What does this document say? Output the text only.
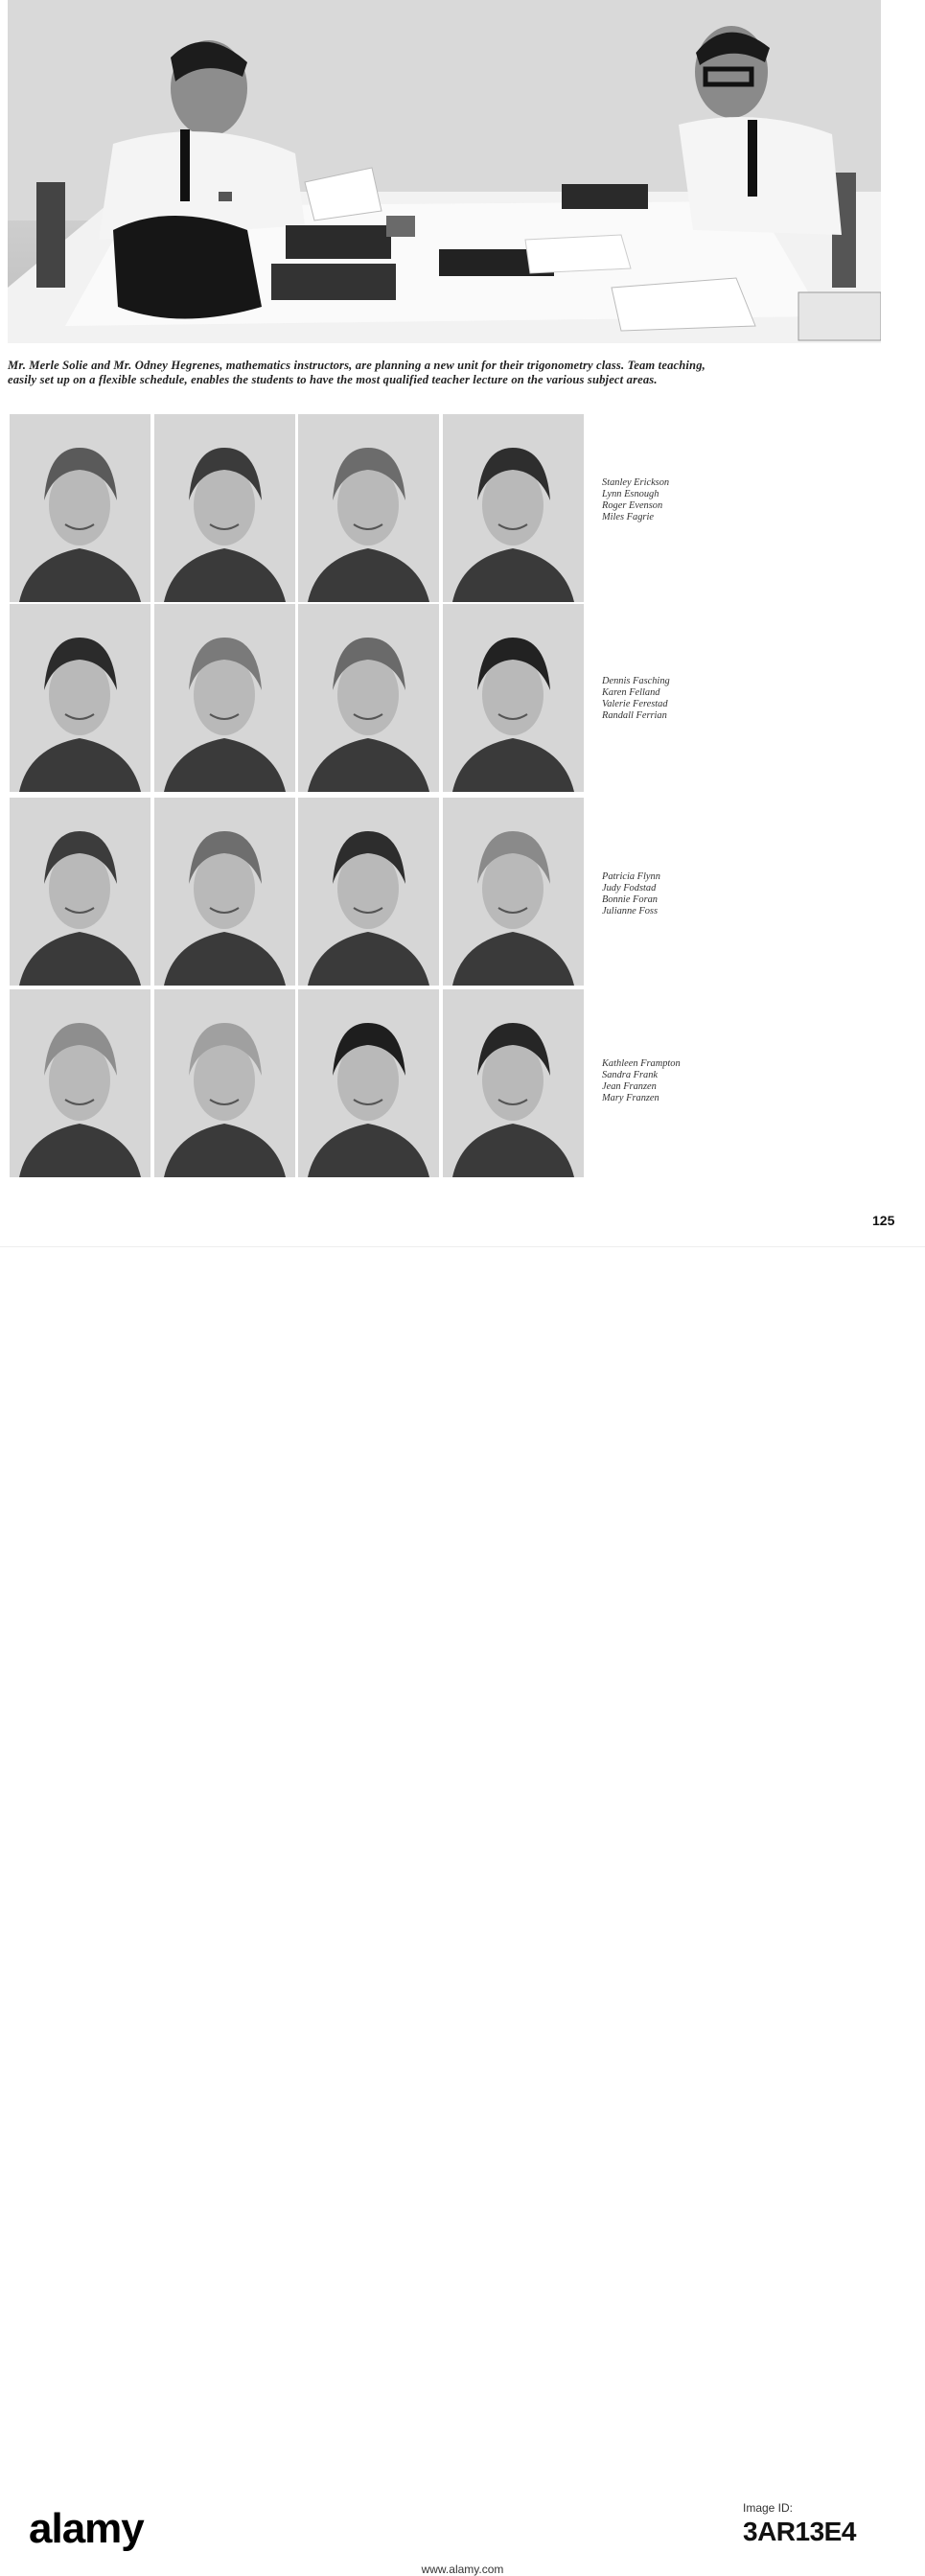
Mr. Merle Solie and Mr. Odney Hegrenes, mathematics instructors, are planning a new unit for their trigonometry class. Team teaching,
easily set up on a flexible schedule, enables the students to have the most qualified teacher lecture on the various subject areas.
Stanley Erickson
Lynn Esnough
Roger Evenson
Miles Fagrie
Dennis Fasching
Karen Felland
Valerie Ferestad
Randall Ferrian
Patricia Flynn
Judy Fodstad
Bonnie Foran
Julianne Foss
Kathleen Frampton
Sandra Frank
Jean Franzen
Mary Franzen
125
alamy	Image ID:
3AR13E4
www.alamy.com
